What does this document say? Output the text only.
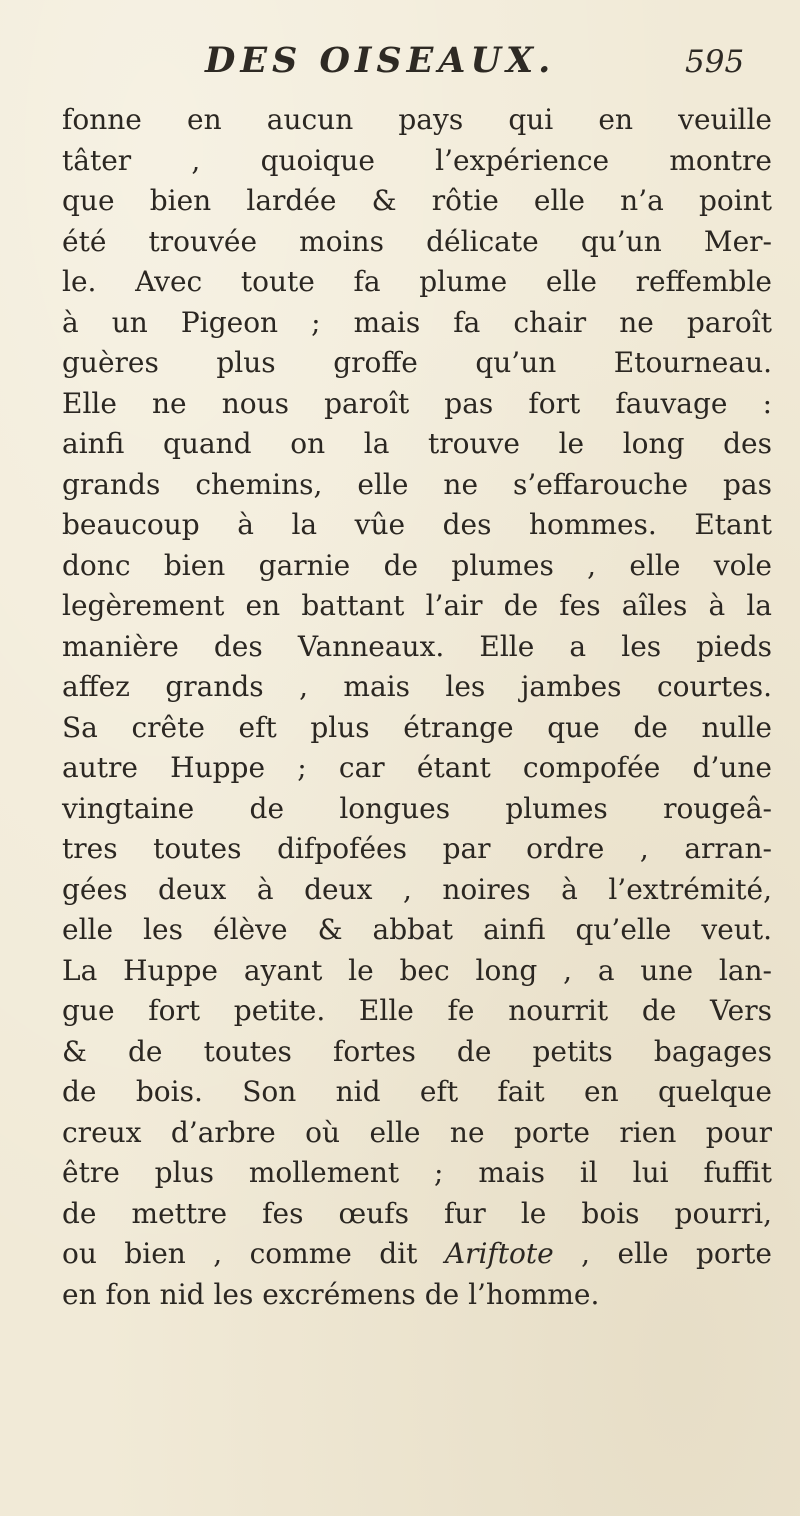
DES OISEAUX.	595
fonne en aucun pays qui en veuille
tâter , quoique l’expérience montre
que bien lardée & rôtie elle n’a point
été trouvée moins délicate qu’un Mer-
le. Avec toute fa plume elle reffemble
à un Pigeon ; mais fa chair ne paroît
guères plus groffe qu’un Etourneau.
Elle ne nous paroît pas fort fauvage :
ainfi quand on la trouve le long des
grands chemins, elle ne s’effarouche pas
beaucoup à la vûe des hommes. Etant
donc bien garnie de plumes , elle vole
legèrement en battant l’air de fes aîles à la
manière des Vanneaux. Elle a les pieds
affez grands , mais les jambes courtes.
Sa crête eft plus étrange que de nulle
autre Huppe ; car étant compofée d’une
vingtaine de longues plumes rougeâ-
tres toutes difpofées par ordre , arran-
gées deux à deux , noires à l’extrémité,
elle les élève & abbat ainfi qu’elle veut.
La Huppe ayant le bec long , a une lan-
gue fort petite. Elle fe nourrit de Vers
& de toutes fortes de petits bagages
de bois. Son nid eft fait en quelque
creux d’arbre où elle ne porte rien pour
être plus mollement ; mais il lui fuffit
de mettre fes œufs fur le bois pourri,
ou bien , comme dit Ariftote , elle porte
en fon nid les excrémens de l’homme.
